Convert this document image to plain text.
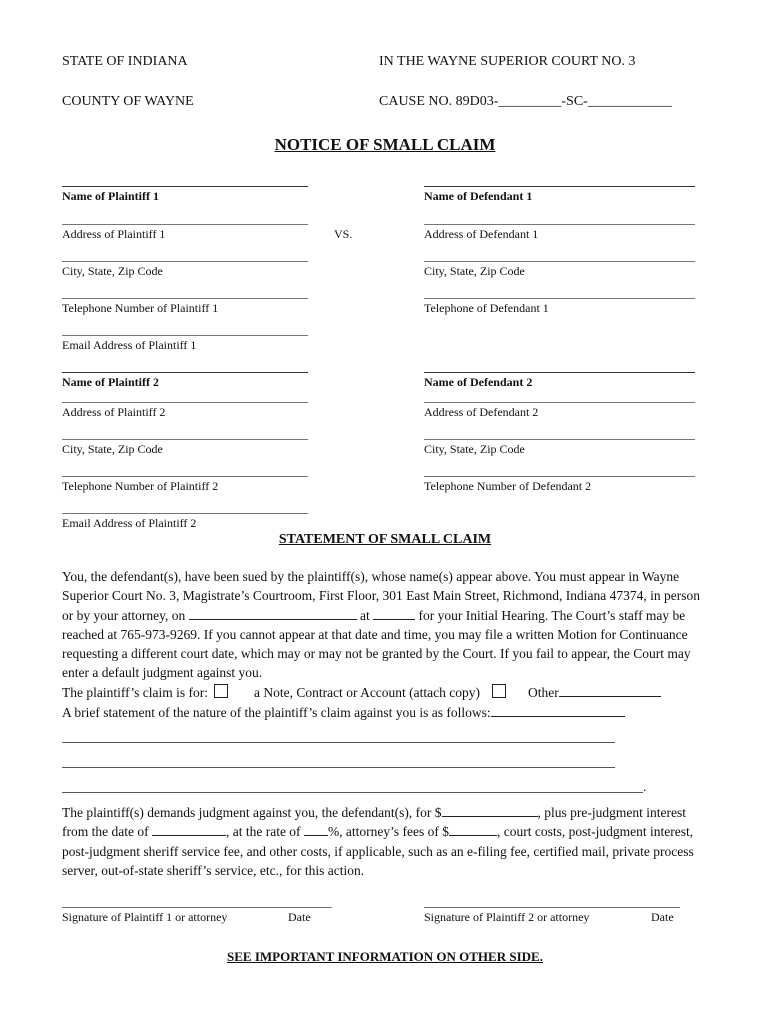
STATE OF INDIANA	IN THE WAYNE SUPERIOR COURT NO. 3
COUNTY OF WAYNE	CAUSE NO. 89D03-_________-SC-____________
NOTICE OF SMALL CLAIM
Name of Plaintiff 1	Name of Defendant 1
Address of Plaintiff 1	VS.	Address of Defendant 1
City, State, Zip Code	City, State, Zip Code
Telephone Number of Plaintiff 1	Telephone of Defendant 1
Email Address of Plaintiff 1
Name of Plaintiff 2	Name of Defendant 2
Address of Plaintiff 2	Address of Defendant 2
City, State, Zip Code	City, State, Zip Code
Telephone Number of Plaintiff 2	Telephone Number of Defendant 2
Email Address of Plaintiff 2
STATEMENT OF SMALL CLAIM

You, the defendant(s), have been sued by the plaintiff(s), whose name(s) appear above. You must appear in Wayne Superior Court No. 3, Magistrate’s Courtroom, First Floor, 301 East Main Street, Richmond, Indiana 47374, in person or by your attorney, on	at	for your Initial Hearing. The Court’s staff may be reached at 765-973-9269. If you cannot appear at that date and time, you may file a written Motion for Continuance requesting a different court date, which may or may not be granted by the Court. If you fail to appear, the Court may enter a default judgment against you.

The plaintiff’s claim is for:	a Note, Contract or Account (attach copy)	Other

A brief statement of the nature of the plaintiff’s claim against you is as follows:

.

The plaintiff(s) demands judgment against you, the defendant(s), for $	, plus pre-judgment interest from the date of	, at the rate of %, attorney’s fees of $	, court costs, post-judgment interest, post-judgment sheriff service fee, and other costs, if applicable, such as an e-filing fee, certified mail, private process server, out-of-state sheriff’s service, etc., for this action.

Signature of Plaintiff 1 or attorney	Date	Signature of Plaintiff 2 or attorney	Date
SEE IMPORTANT INFORMATION ON OTHER SIDE.
